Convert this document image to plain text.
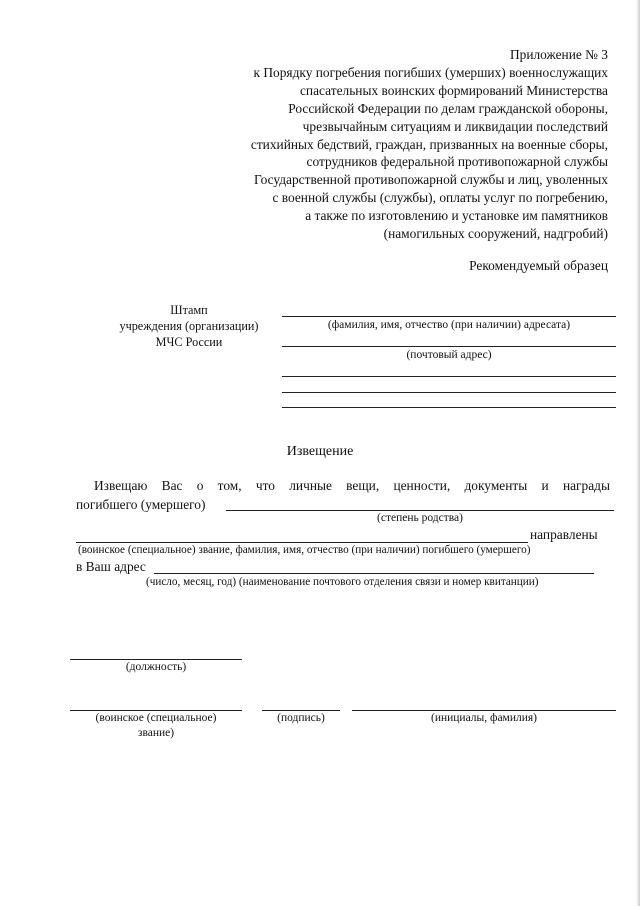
Приложение № 3
к Порядку погребения погибших (умерших) военнослужащих
спасательных воинских формирований Министерства
Российской Федерации по делам гражданской обороны,
чрезвычайным ситуациям и ликвидации последствий
стихийных бедствий, граждан, призванных на военные сборы,
сотрудников федеральной противопожарной службы
Государственной противопожарной службы и лиц, уволенных
с военной службы (службы), оплаты услуг по погребению,
а также по изготовлению и установке им памятников
(намогильных сооружений, надгробий)
Рекомендуемый образец
Штамп
учреждения (организации)
МЧС России
(фамилия, имя, отчество (при наличии) адресата)
(почтовый адрес)
Извещение
Извещаю Вас о том, что личные вещи, ценности, документы и награды
погибшего (умершего)
(степень родства)
направлены
(воинское (специальное) звание, фамилия, имя, отчество (при наличии) погибшего (умершего)
в Ваш адрес
(число, месяц, год) (наименование почтового отделения связи и номер квитанции)
(должность)
(воинское (специальное)
звание)
(подпись)	(инициалы, фамилия)
